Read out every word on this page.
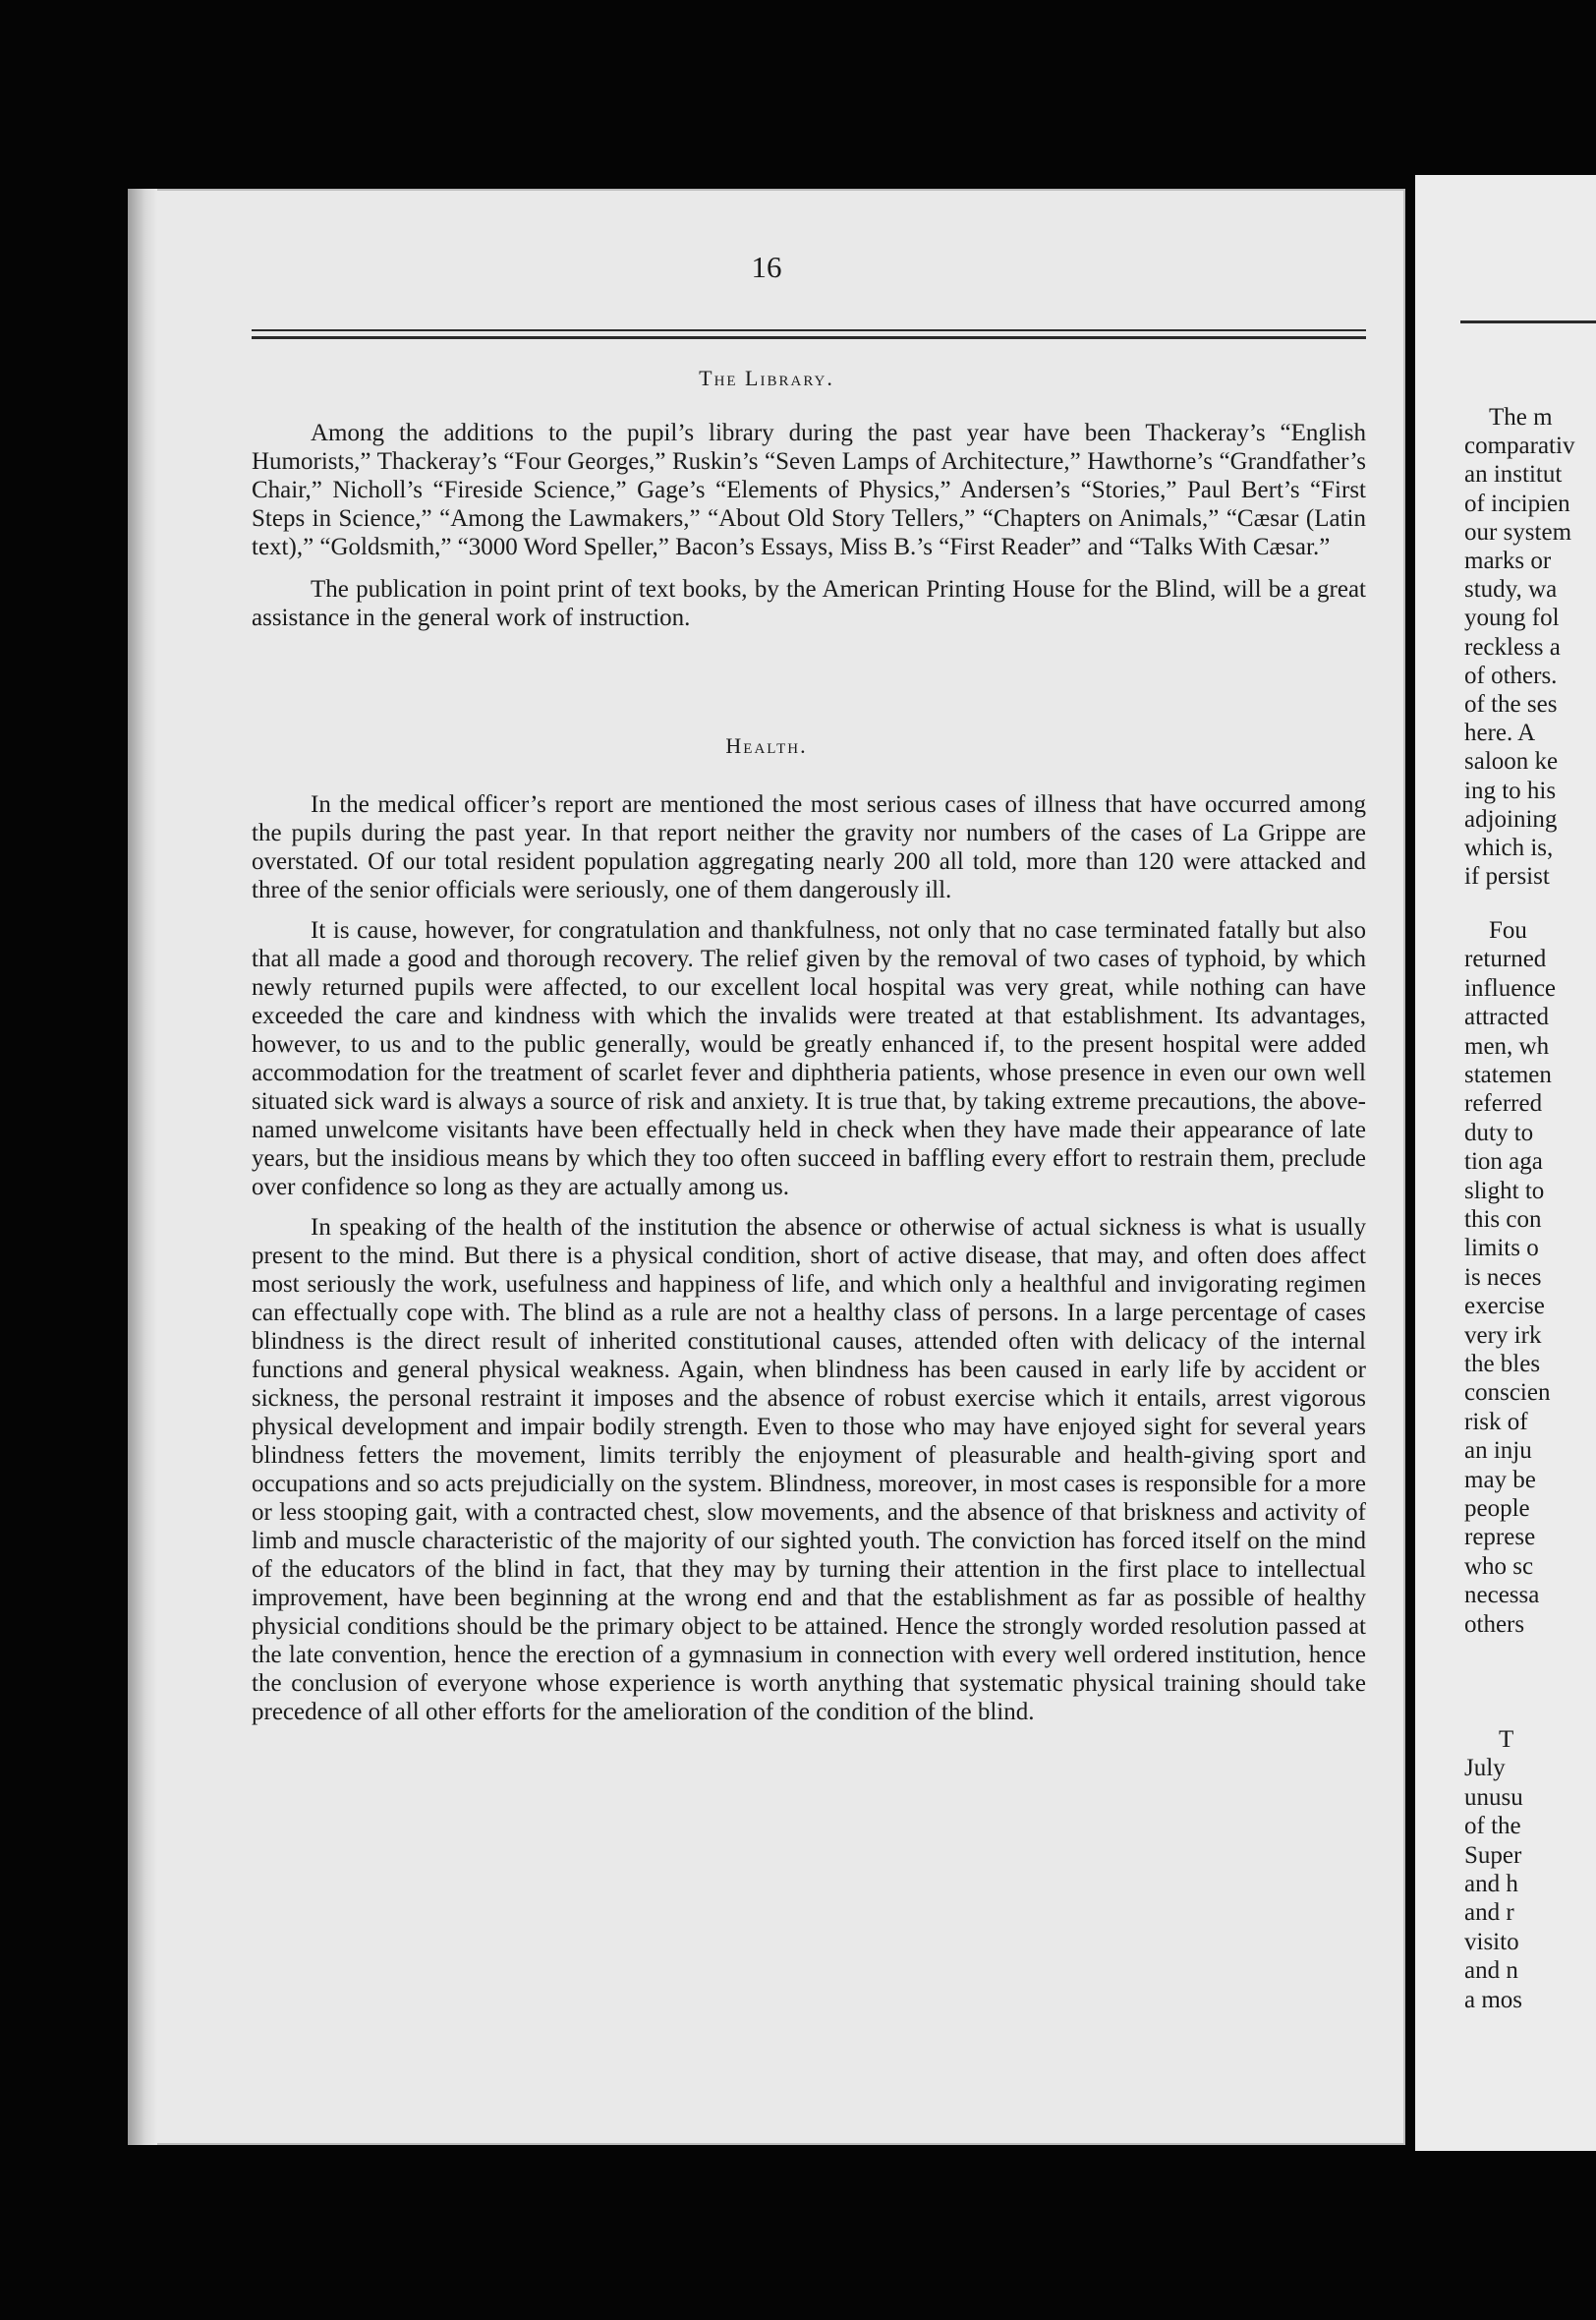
16
The Library.

Among the additions to the pupil’s library during the past year have been Thackeray’s “English Humorists,” Thackeray’s “Four Georges,” Ruskin’s “Seven Lamps of Architecture,” Hawthorne’s “Grandfather’s Chair,” Nicholl’s “Fireside Science,” Gage’s “Elements of Physics,” Andersen’s “Stories,” Paul Bert’s “First Steps in Science,” “Among the Lawmakers,” “About Old Story Tellers,” “Chapters on Animals,” “Cæsar (Latin text),” “Goldsmith,” “3000 Word Speller,” Bacon’s Essays, Miss B.’s “First Reader” and “Talks With Cæsar.”

The publication in point print of text books, by the American Printing House for the Blind, will be a great assistance in the general work of instruction.

Health.

In the medical officer’s report are mentioned the most serious cases of illness that have occurred among the pupils during the past year. In that report neither the gravity nor numbers of the cases of La Grippe are overstated. Of our total resident population aggregating nearly 200 all told, more than 120 were attacked and three of the senior officials were seriously, one of them dangerously ill.

It is cause, however, for congratulation and thankfulness, not only that no case terminated fatally but also that all made a good and thorough recovery. The relief given by the removal of two cases of typhoid, by which newly returned pupils were affected, to our excellent local hospital was very great, while nothing can have exceeded the care and kindness with which the invalids were treated at that establishment. Its advantages, however, to us and to the public generally, would be greatly enhanced if, to the present hospital were added accommodation for the treatment of scarlet fever and diphtheria patients, whose presence in even our own well situated sick ward is always a source of risk and anxiety. It is true that, by taking extreme precautions, the above-named unwelcome visitants have been effectually held in check when they have made their appearance of late years, but the insidious means by which they too often succeed in baffling every effort to restrain them, preclude over confidence so long as they are actually among us.

In speaking of the health of the institution the absence or otherwise of actual sickness is what is usually present to the mind. But there is a physical condition, short of active disease, that may, and often does affect most seriously the work, usefulness and happiness of life, and which only a healthful and invigorating regimen can effectually cope with. The blind as a rule are not a healthy class of persons. In a large percentage of cases blindness is the direct result of inherited constitutional causes, attended often with delicacy of the internal functions and general physical weakness. Again, when blindness has been caused in early life by accident or sickness, the personal restraint it imposes and the absence of robust exercise which it entails, arrest vigorous physical development and impair bodily strength. Even to those who may have enjoyed sight for several years blindness fetters the movement, limits terribly the enjoyment of pleasurable and health-giving sport and occupations and so acts prejudicially on the system. Blindness, moreover, in most cases is responsible for a more or less stooping gait, with a contracted chest, slow movements, and the absence of that briskness and activity of limb and muscle characteristic of the majority of our sighted youth. The conviction has forced itself on the mind of the educators of the blind in fact, that they may by turning their attention in the first place to intellectual improvement, have been beginning at the wrong end and that the establishment as far as possible of healthy physicial conditions should be the primary object to be attained. Hence the strongly worded resolution passed at the late convention, hence the erection of a gymnasium in connection with every well ordered institution, hence the conclusion of everyone whose experience is worth anything that systematic physical training should take precedence of all other efforts for the amelioration of the condition of the blind.

The m
comparativ
an institut
of incipien
our system
marks or
study, wa
young fol
reckless a
of others.
of the ses
here. A
saloon ke
ing to his
adjoining
which is,
if persist
Fou
returned
influence
attracted
men, wh
statemen
referred
duty to
tion aga
slight to
this con
limits o
is neces
exercise
very irk
the bles
conscien
risk of
an inju
may be
people
represe
who sc
necessa
others
T
July
unusu
of the
Super
and h
and r
visito
and n
a mos
